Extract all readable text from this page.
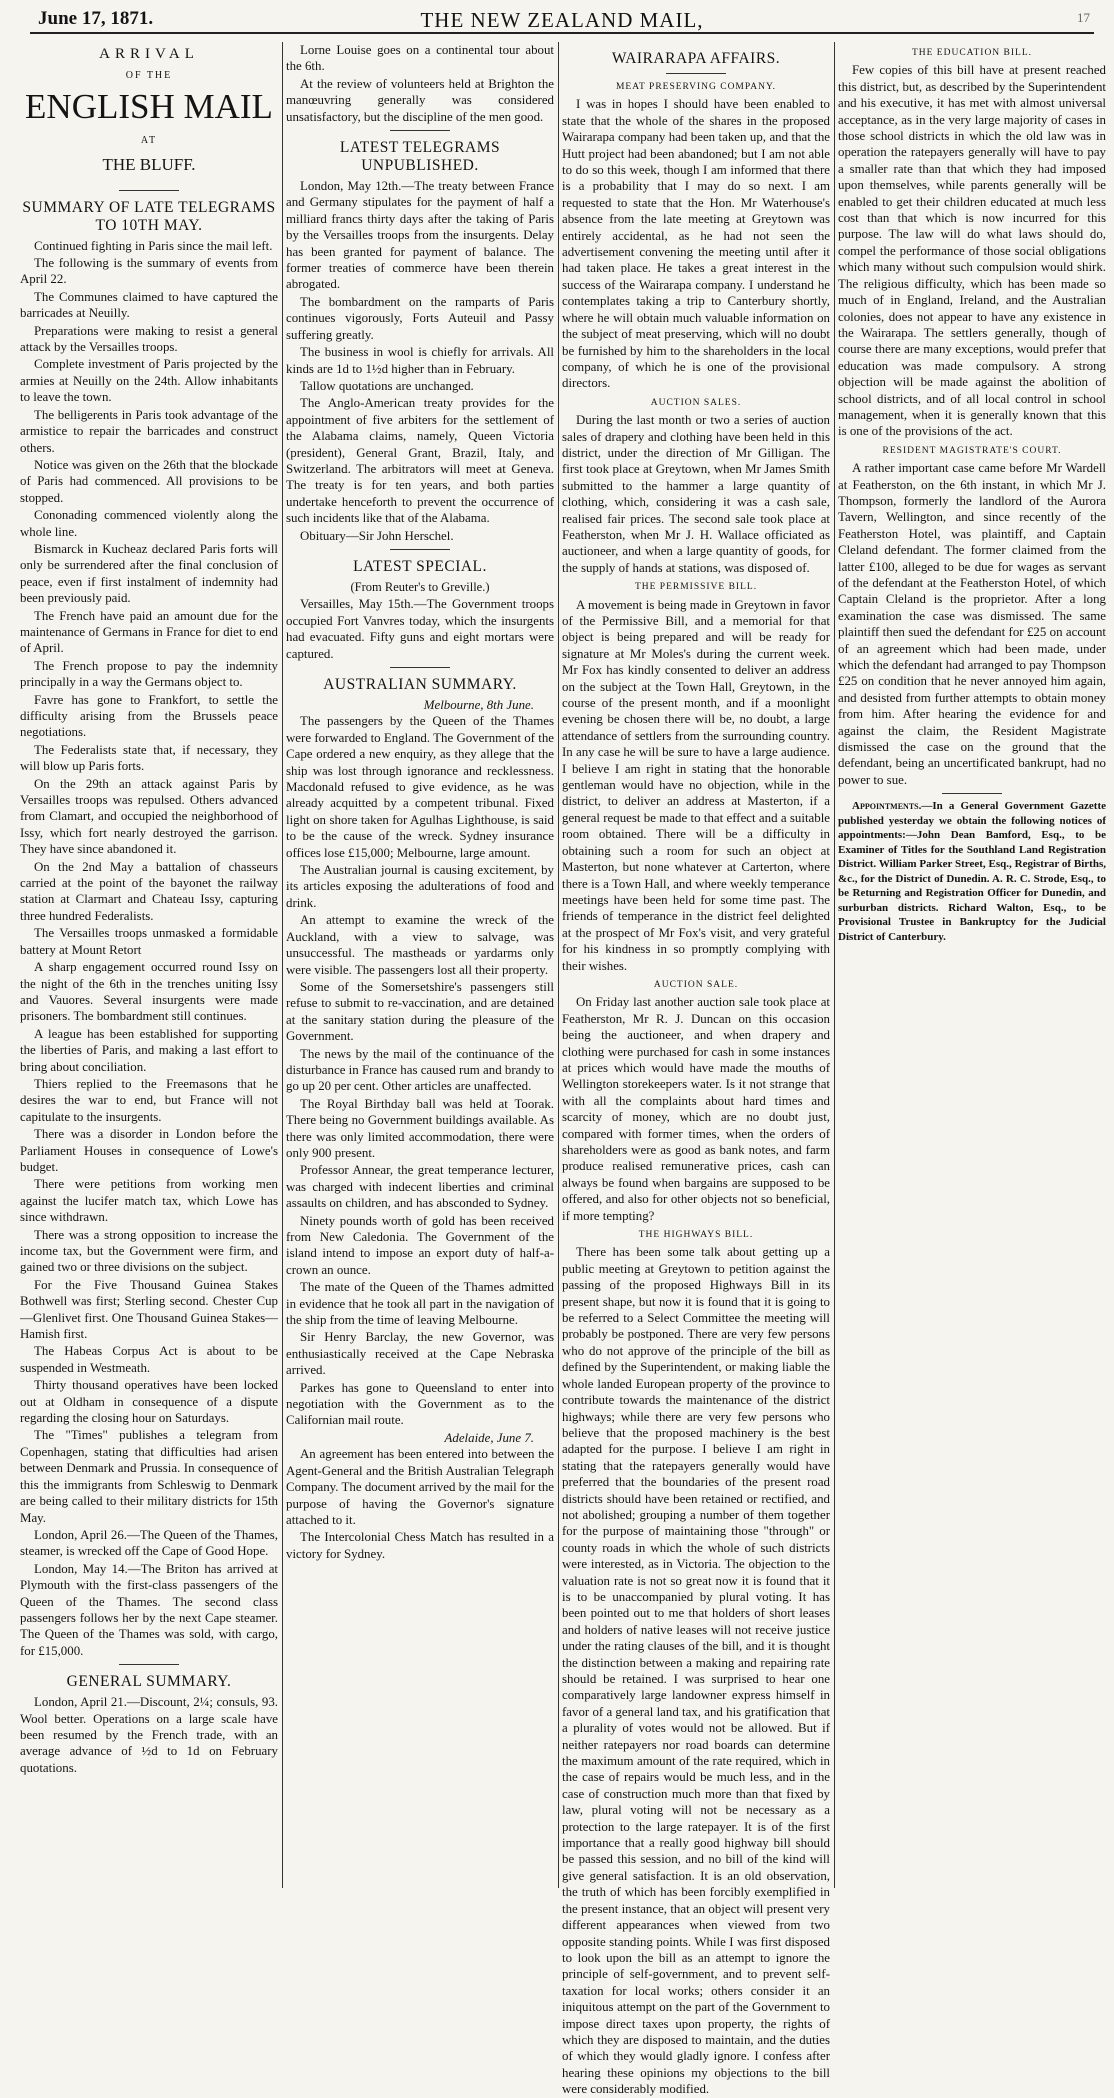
June 17, 1871.	THE NEW ZEALAND MAIL,	17
ARRIVAL
OF THE
ENGLISH MAIL
AT
THE BLUFF.
SUMMARY OF LATE TELEGRAMS TO 10TH MAY.

Continued fighting in Paris since the mail left.

The following is the summary of events from April 22.

The Communes claimed to have captured the barricades at Neuilly.

Preparations were making to resist a general attack by the Versailles troops.

Complete investment of Paris projected by the armies at Neuilly on the 24th. Allow inhabitants to leave the town.

The belligerents in Paris took advantage of the armistice to repair the barricades and construct others.

Notice was given on the 26th that the blockade of Paris had commenced. All provisions to be stopped.

Cononading commenced violently along the whole line.

Bismarck in Kucheaz declared Paris forts will only be surrendered after the final conclusion of peace, even if first instalment of indemnity had been previously paid.

The French have paid an amount due for the maintenance of Germans in France for diet to end of April.

The French propose to pay the indemnity principally in a way the Germans object to.

Favre has gone to Frankfort, to settle the difficulty arising from the Brussels peace negotiations.

The Federalists state that, if necessary, they will blow up Paris forts.

On the 29th an attack against Paris by Versailles troops was repulsed. Others advanced from Clamart, and occupied the neighborhood of Issy, which fort nearly destroyed the garrison. They have since abandoned it.

On the 2nd May a battalion of chasseurs carried at the point of the bayonet the railway station at Clarmart and Chateau Issy, capturing three hundred Federalists.

The Versailles troops unmasked a formidable battery at Mount Retort

A sharp engagement occurred round Issy on the night of the 6th in the trenches uniting Issy and Vauores. Several insurgents were made prisoners. The bombardment still continues.

A league has been established for supporting the liberties of Paris, and making a last effort to bring about conciliation.

Thiers replied to the Freemasons that he desires the war to end, but France will not capitulate to the insurgents.

There was a disorder in London before the Parliament Houses in consequence of Lowe's budget.

There were petitions from working men against the lucifer match tax, which Lowe has since withdrawn.

There was a strong opposition to increase the income tax, but the Government were firm, and gained two or three divisions on the subject.

For the Five Thousand Guinea Stakes Bothwell was first; Sterling second. Chester Cup—Glenlivet first. One Thousand Guinea Stakes—Hamish first.

The Habeas Corpus Act is about to be suspended in Westmeath.

Thirty thousand operatives have been locked out at Oldham in consequence of a dispute regarding the closing hour on Saturdays.

The "Times" publishes a telegram from Copenhagen, stating that difficulties had arisen between Denmark and Prussia. In consequence of this the immigrants from Schleswig to Denmark are being called to their military districts for 15th May.

London, April 26.—The Queen of the Thames, steamer, is wrecked off the Cape of Good Hope.

London, May 14.—The Briton has arrived at Plymouth with the first-class passengers of the Queen of the Thames. The second class passengers follows her by the next Cape steamer. The Queen of the Thames was sold, with cargo, for £15,000.

GENERAL SUMMARY.

London, April 21.—Discount, 2¼; consuls, 93. Wool better. Operations on a large scale have been resumed by the French trade, with an average advance of ½d to 1d on February quotations.

Lorne Louise goes on a continental tour about the 6th.

At the review of volunteers held at Brighton the manœuvring generally was considered unsatisfactory, but the discipline of the men good.

LATEST TELEGRAMS UNPUBLISHED.

London, May 12th.—The treaty between France and Germany stipulates for the payment of half a milliard francs thirty days after the taking of Paris by the Versailles troops from the insurgents. Delay has been granted for payment of balance. The former treaties of commerce have been therein abrogated.

The bombardment on the ramparts of Paris continues vigorously, Forts Auteuil and Passy suffering greatly.

The business in wool is chiefly for arrivals. All kinds are 1d to 1½d higher than in February.

Tallow quotations are unchanged.

The Anglo-American treaty provides for the appointment of five arbiters for the settlement of the Alabama claims, namely, Queen Victoria (president), General Grant, Brazil, Italy, and Switzerland. The arbitrators will meet at Geneva. The treaty is for ten years, and both parties undertake henceforth to prevent the occurrence of such incidents like that of the Alabama.

Obituary—Sir John Herschel.

LATEST SPECIAL.
(From Reuter's to Greville.)

Versailles, May 15th.—The Government troops occupied Fort Vanvres today, which the insurgents had evacuated. Fifty guns and eight mortars were captured.

AUSTRALIAN SUMMARY.
Melbourne, 8th June.

The passengers by the Queen of the Thames were forwarded to England. The Government of the Cape ordered a new enquiry, as they allege that the ship was lost through ignorance and recklessness. Macdonald refused to give evidence, as he was already acquitted by a competent tribunal. Fixed light on shore taken for Agulhas Lighthouse, is said to be the cause of the wreck. Sydney insurance offices lose £15,000; Melbourne, large amount.

The Australian journal is causing excitement, by its articles exposing the adulterations of food and drink.

An attempt to examine the wreck of the Auckland, with a view to salvage, was unsuccessful. The mastheads or yardarms only were visible. The passengers lost all their property.

Some of the Somersetshire's passengers still refuse to submit to re-vaccination, and are detained at the sanitary station during the pleasure of the Government.

The news by the mail of the continuance of the disturbance in France has caused rum and brandy to go up 20 per cent. Other articles are unaffected.

The Royal Birthday ball was held at Toorak. There being no Government buildings available. As there was only limited accommodation, there were only 900 present.

Professor Annear, the great temperance lecturer, was charged with indecent liberties and criminal assaults on children, and has absconded to Sydney.

Ninety pounds worth of gold has been received from New Caledonia. The Government of the island intend to impose an export duty of half-a-crown an ounce.

The mate of the Queen of the Thames admitted in evidence that he took all part in the navigation of the ship from the time of leaving Melbourne.

Sir Henry Barclay, the new Governor, was enthusiastically received at the Cape Nebraska arrived.

Parkes has gone to Queensland to enter into negotiation with the Government as to the Californian mail route.

Adelaide, June 7.

An agreement has been entered into between the Agent-General and the British Australian Telegraph Company. The document arrived by the mail for the purpose of having the Governor's signature attached to it.

The Intercolonial Chess Match has resulted in a victory for Sydney.

WAIRARAPA AFFAIRS.
MEAT PRESERVING COMPANY.

I was in hopes I should have been enabled to state that the whole of the shares in the proposed Wairarapa company had been taken up, and that the Hutt project had been abandoned; but I am not able to do so this week, though I am informed that there is a probability that I may do so next. I am requested to state that the Hon. Mr Waterhouse's absence from the late meeting at Greytown was entirely accidental, as he had not seen the advertisement convening the meeting until after it had taken place. He takes a great interest in the success of the Wairarapa company. I understand he contemplates taking a trip to Canterbury shortly, where he will obtain much valuable information on the subject of meat preserving, which will no doubt be furnished by him to the shareholders in the local company, of which he is one of the provisional directors.

AUCTION SALES.

During the last month or two a series of auction sales of drapery and clothing have been held in this district, under the direction of Mr Gilligan. The first took place at Greytown, when Mr James Smith submitted to the hammer a large quantity of clothing, which, considering it was a cash sale, realised fair prices. The second sale took place at Featherston, when Mr J. H. Wallace officiated as auctioneer, and when a large quantity of goods, for the supply of hands at stations, was disposed of.

THE PERMISSIVE BILL.

A movement is being made in Greytown in favor of the Permissive Bill, and a memorial for that object is being prepared and will be ready for signature at Mr Moles's during the current week. Mr Fox has kindly consented to deliver an address on the subject at the Town Hall, Greytown, in the course of the present month, and if a moonlight evening be chosen there will be, no doubt, a large attendance of settlers from the surrounding country. In any case he will be sure to have a large audience. I believe I am right in stating that the honorable gentleman would have no objection, while in the district, to deliver an address at Masterton, if a general request be made to that effect and a suitable room obtained. There will be a difficulty in obtaining such a room for such an object at Masterton, but none whatever at Carterton, where there is a Town Hall, and where weekly temperance meetings have been held for some time past. The friends of temperance in the district feel delighted at the prospect of Mr Fox's visit, and very grateful for his kindness in so promptly complying with their wishes.

AUCTION SALE.

On Friday last another auction sale took place at Featherston, Mr R. J. Duncan on this occasion being the auctioneer, and when drapery and clothing were purchased for cash in some instances at prices which would have made the mouths of Wellington storekeepers water. Is it not strange that with all the complaints about hard times and scarcity of money, which are no doubt just, compared with former times, when the orders of shareholders were as good as bank notes, and farm produce realised remunerative prices, cash can always be found when bargains are supposed to be offered, and also for other objects not so beneficial, if more tempting?

THE HIGHWAYS BILL.

There has been some talk about getting up a public meeting at Greytown to petition against the passing of the proposed Highways Bill in its present shape, but now it is found that it is going to be referred to a Select Committee the meeting will probably be postponed. There are very few persons who do not approve of the principle of the bill as defined by the Superintendent, or making liable the whole landed European property of the province to contribute towards the maintenance of the district highways; while there are very few persons who believe that the proposed machinery is the best adapted for the purpose. I believe I am right in stating that the ratepayers generally would have preferred that the boundaries of the present road districts should have been retained or rectified, and not abolished; grouping a number of them together for the purpose of maintaining those "through" or county roads in which the whole of such districts were interested, as in Victoria. The objection to the valuation rate is not so great now it is found that it is to be unaccompanied by plural voting. It has been pointed out to me that holders of short leases and holders of native leases will not receive justice under the rating clauses of the bill, and it is thought the distinction between a making and repairing rate should be retained. I was surprised to hear one comparatively large landowner express himself in favor of a general land tax, and his gratification that a plurality of votes would not be allowed. But if neither ratepayers nor road boards can determine the maximum amount of the rate required, which in the case of repairs would be much less, and in the case of construction much more than that fixed by law, plural voting will not be necessary as a protection to the large ratepayer. It is of the first importance that a really good highway bill should be passed this session, and no bill of the kind will give general satisfaction. It is an old observation, the truth of which has been forcibly exemplified in the present instance, that an object will present very different appearances when viewed from two opposite standing points. While I was first disposed to look upon the bill as an attempt to ignore the principle of self-government, and to prevent self-taxation for local works; others consider it an iniquitous attempt on the part of the Government to impose direct taxes upon property, the rights of which they are disposed to maintain, and the duties of which they would gladly ignore. I confess after hearing these opinions my objections to the bill were considerably modified.

THE EDUCATION BILL.

Few copies of this bill have at present reached this district, but, as described by the Superintendent and his executive, it has met with almost universal acceptance, as in the very large majority of cases in those school districts in which the old law was in operation the ratepayers generally will have to pay a smaller rate than that which they had imposed upon themselves, while parents generally will be enabled to get their children educated at much less cost than that which is now incurred for this purpose. The law will do what laws should do, compel the performance of those social obligations which many without such compulsion would shirk. The religious difficulty, which has been made so much of in England, Ireland, and the Australian colonies, does not appear to have any existence in the Wairarapa. The settlers generally, though of course there are many exceptions, would prefer that education was made compulsory. A strong objection will be made against the abolition of school districts, and of all local control in school management, when it is generally known that this is one of the provisions of the act.

RESIDENT MAGISTRATE'S COURT.

A rather important case came before Mr Wardell at Featherston, on the 6th instant, in which Mr J. Thompson, formerly the landlord of the Aurora Tavern, Wellington, and since recently of the Featherston Hotel, was plaintiff, and Captain Cleland defendant. The former claimed from the latter £100, alleged to be due for wages as servant of the defendant at the Featherston Hotel, of which Captain Cleland is the proprietor. After a long examination the case was dismissed. The same plaintiff then sued the defendant for £25 on account of an agreement which had been made, under which the defendant had arranged to pay Thompson £25 on condition that he never annoyed him again, and desisted from further attempts to obtain money from him. After hearing the evidence for and against the claim, the Resident Magistrate dismissed the case on the ground that the defendant, being an uncertificated bankrupt, had no power to sue.

Appointments.—In a General Government Gazette published yesterday we obtain the following notices of appointments:—John Dean Bamford, Esq., to be Examiner of Titles for the Southland Land Registration District. William Parker Street, Esq., Registrar of Births, &c., for the District of Dunedin. A. R. C. Strode, Esq., to be Returning and Registration Officer for Dunedin, and surburban districts. Richard Walton, Esq., to be Provisional Trustee in Bankruptcy for the Judicial District of Canterbury.
